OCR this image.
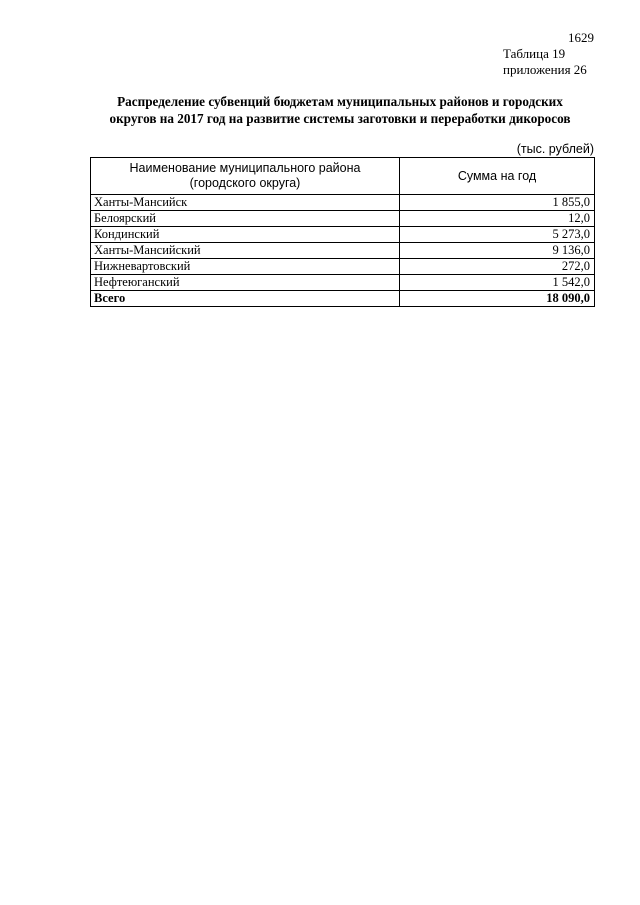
1629
Таблица 19
приложения 26
Распределение субвенций бюджетам муниципальных районов и городских
округов на 2017 год на развитие системы заготовки и переработки дикоросов
(тыс. рублей)
Наименование муниципального района
(городского округа)	Сумма на год
Ханты-Мансийск	1 855,0
Белоярский	12,0
Кондинский	5 273,0
Ханты-Мансийский	9 136,0
Нижневартовский	272,0
Нефтеюганский	1 542,0
Всего	18 090,0
